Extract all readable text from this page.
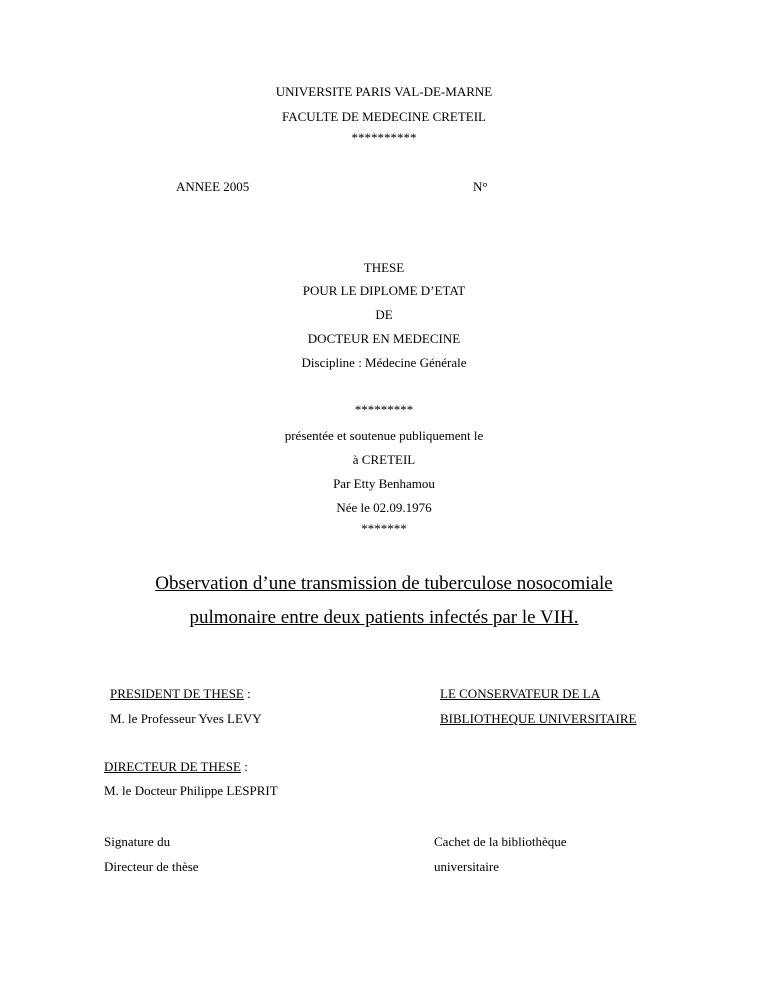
UNIVERSITE PARIS VAL-DE-MARNE
FACULTE DE MEDECINE CRETEIL
**********
ANNEE 2005	N°
THESE
POUR LE DIPLOME D’ETAT
DE
DOCTEUR EN MEDECINE
Discipline : Médecine Générale
*********
présentée et soutenue publiquement le
à CRETEIL
Par Etty Benhamou
Née le 02.09.1976
*******
Observation d’une transmission de tuberculose nosocomiale
pulmonaire entre deux patients infectés par le VIH.
PRESIDENT DE THESE :
M. le Professeur Yves LEVY
LE CONSERVATEUR DE LA
BIBLIOTHEQUE UNIVERSITAIRE
DIRECTEUR DE THESE :
M. le Docteur Philippe LESPRIT
Signature du
Directeur de thèse
Cachet de la bibliothèque
universitaire
